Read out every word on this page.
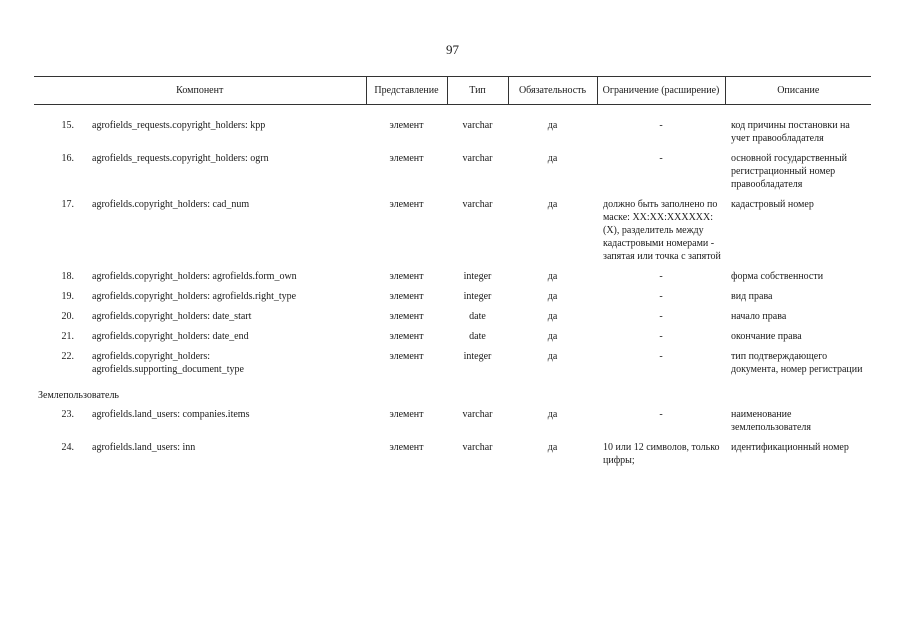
97
Компонент	Представление	Тип	Обязательность	Ограничение (расширение)	Описание

15. agrofields_requests.copyright_holders: kpp	элемент	varchar	да	-	код причины постановки на учет правообладателя
16. agrofields_requests.copyright_holders: ogrn	элемент	varchar	да	-	основной государственный регистрационный номер правообладателя
17. agrofields.copyright_holders: cad_num	элемент	varchar	да	должно быть заполнено по маске: XX:XX:XXXXXX:(X), разделитель между кадастровыми номерами - запятая или точка с запятой	кадастровый номер
18. agrofields.copyright_holders: agrofields.form_own	элемент	integer	да	-	форма собственности
19. agrofields.copyright_holders: agrofields.right_type	элемент	integer	да	-	вид права
20. agrofields.copyright_holders: date_start	элемент	date	да	-	начало права
21. agrofields.copyright_holders: date_end	элемент	date	да	-	окончание права
22. agrofields.copyright_holders: agrofields.supporting_document_type	элемент	integer	да	-	тип подтверждающего документа, номер регистрации
Землепользователь					
23. agrofields.land_users: companies.items	элемент	varchar	да	-	наименование землепользователя
24. agrofields.land_users: inn	элемент	varchar	да	10 или 12 символов, только цифры;	идентификационный номер
